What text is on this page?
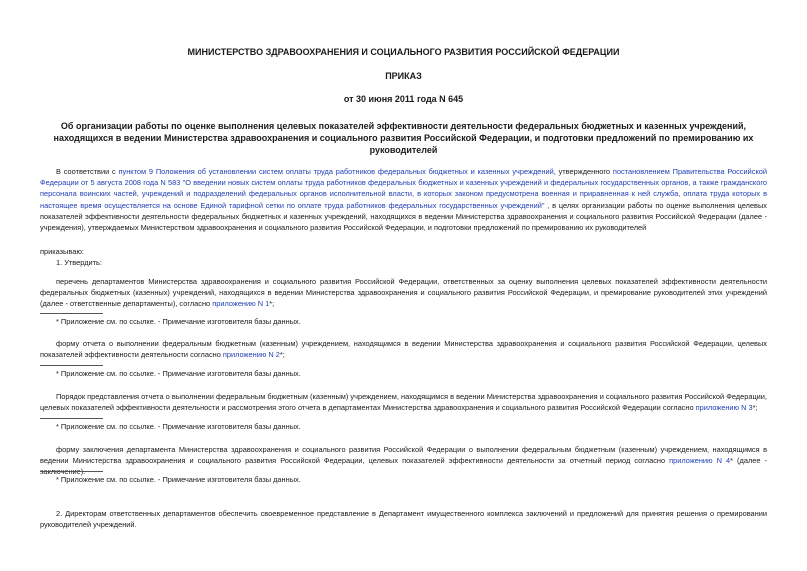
МИНИСТЕРСТВО ЗДРАВООХРАНЕНИЯ И СОЦИАЛЬНОГО РАЗВИТИЯ РОССИЙСКОЙ ФЕДЕРАЦИИ
ПРИКАЗ
от 30 июня 2011 года N 645
Об организации работы по оценке выполнения целевых показателей эффективности деятельности федеральных бюджетных и казенных учреждений, находящихся в ведении Министерства здравоохранения и социального развития Российской Федерации, и подготовки предложений по премированию их руководителей

В соответствии с пунктом 9 Положения об установлении систем оплаты труда работников федеральных бюджетных и казенных учреждений, утвержденного постановлением Правительства Российской Федерации от 5 августа 2008 года N 583 "О введении новых систем оплаты труда работников федеральных бюджетных и казенных учреждений и федеральных государственных органов, а также гражданского персонала воинских частей, учреждений и подразделений федеральных органов исполнительной власти, в которых законом предусмотрена военная и приравненная к ней служба, оплата труда которых в настоящее время осуществляется на основе Единой тарифной сетки по оплате труда работников федеральных государственных учреждений" , в целях организации работы по оценке выполнения целевых показателей эффективности деятельности федеральных бюджетных и казенных учреждений, находящихся в ведении Министерства здравоохранения и социального развития Российской Федерации (далее - учреждения), утверждаемых Министерством здравоохранения и социального развития Российской Федерации, и подготовки предложений по премированию их руководителей

приказываю:

1. Утвердить:

перечень департаментов Министерства здравоохранения и социального развития Российской Федерации, ответственных за оценку выполнения целевых показателей эффективности деятельности федеральных бюджетных (казенных) учреждений, находящихся в ведении Министерства здравоохранения и социального развития Российской Федерации, и премирование руководителей этих учреждений (далее - ответственные департаменты), согласно приложению N 1*;

* Приложение см. по ссылке. - Примечание изготовителя базы данных.

форму отчета о выполнении федеральным бюджетным (казенным) учреждением, находящимся в ведении Министерства здравоохранения и социального развития Российской Федерации, целевых показателей эффективности деятельности согласно приложению N 2*;

* Приложение см. по ссылке. - Примечание изготовителя базы данных.

Порядок представления отчета о выполнении федеральным бюджетным (казенным) учреждением, находящимся в ведении Министерства здравоохранения и социального развития Российской Федерации, целевых показателей эффективности деятельности и рассмотрения этого отчета в департаментах Министерства здравоохранения и социального развития Российской Федерации согласно приложению N 3*;

* Приложение см. по ссылке. - Примечание изготовителя базы данных.

форму заключения департамента Министерства здравоохранения и социального развития Российской Федерации о выполнении федеральным бюджетным (казенным) учреждением, находящимся в ведении Министерства здравоохранения и социального развития Российской Федерации, целевых показателей эффективности деятельности за отчетный период согласно приложению N 4* (далее - заключение).

* Приложение см. по ссылке. - Примечание изготовителя базы данных.

2. Директорам ответственных департаментов обеспечить своевременное представление в Департамент имущественного комплекса заключений и предложений для принятия решения о премировании руководителей учреждений.
